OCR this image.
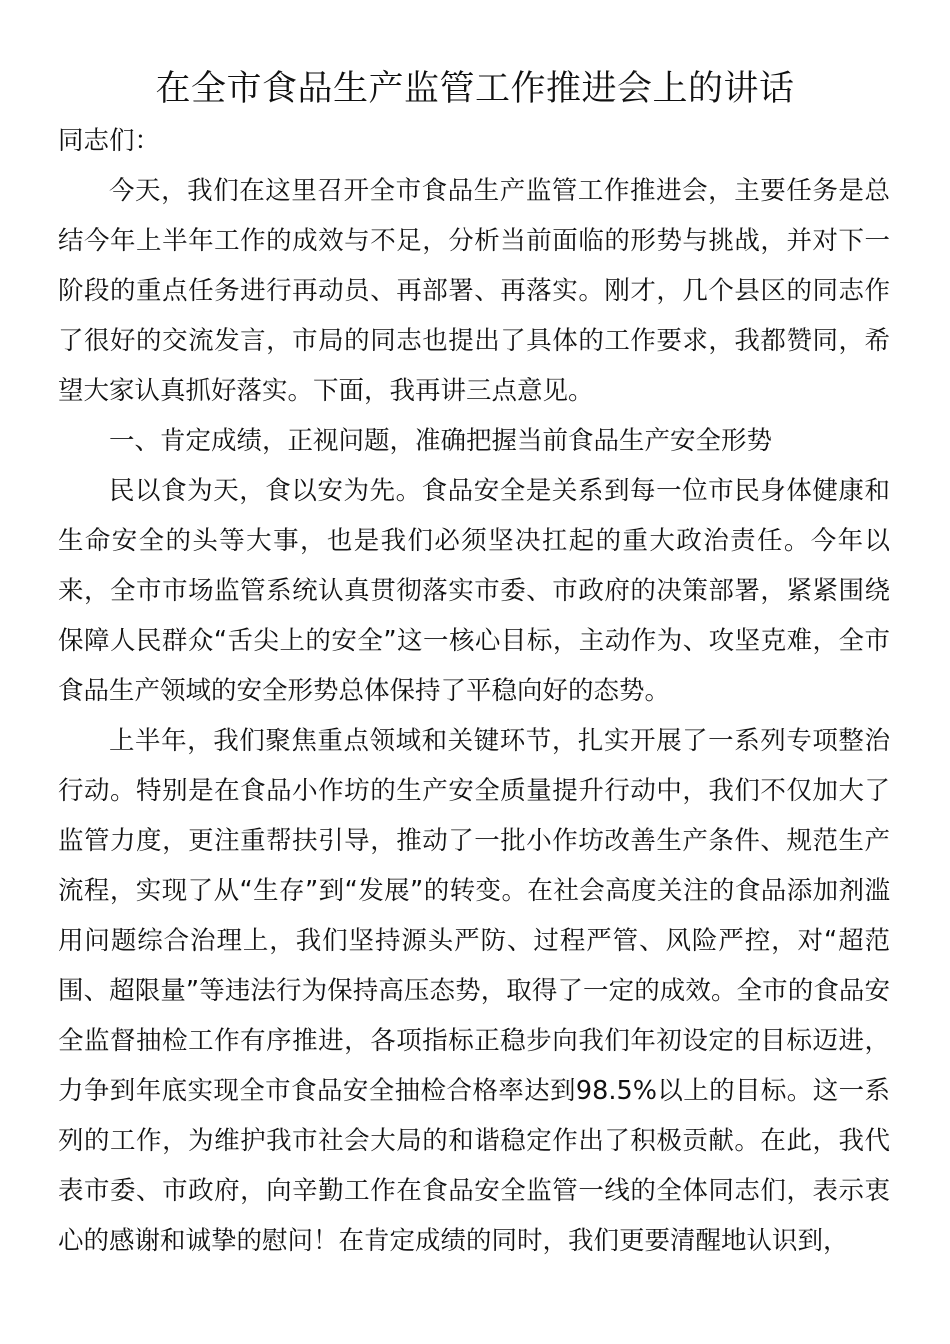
在全市食品生产监管工作推进会上的讲话

同志们：

今天，我们在这里召开全市食品生产监管工作推进会，主要任务是总结今年上半年工作的成效与不足，分析当前面临的形势与挑战，并对下一阶段的重点任务进行再动员、再部署、再落实。刚才，几个县区的同志作了很好的交流发言，市局的同志也提出了具体的工作要求，我都赞同，希望大家认真抓好落实。下面，我再讲三点意见。

一、肯定成绩，正视问题，准确把握当前食品生产安全形势

民以食为天，食以安为先。食品安全是关系到每一位市民身体健康和生命安全的头等大事，也是我们必须坚决扛起的重大政治责任。今年以来，全市市场监管系统认真贯彻落实市委、市政府的决策部署，紧紧围绕保障人民群众“舌尖上的安全”这一核心目标，主动作为、攻坚克难，全市食品生产领域的安全形势总体保持了平稳向好的态势。

上半年，我们聚焦重点领域和关键环节，扎实开展了一系列专项整治行动。特别是在食品小作坊的生产安全质量提升行动中，我们不仅加大了监管力度，更注重帮扶引导，推动了一批小作坊改善生产条件、规范生产流程，实现了从“生存”到“发展”的转变。在社会高度关注的食品添加剂滥用问题综合治理上，我们坚持源头严防、过程严管、风险严控，对“超范围、超限量”等违法行为保持高压态势，取得了一定的成效。全市的食品安全监督抽检工作有序推进，各项指标正稳步向我们年初设定的目标迈进，力争到年底实现全市食品安全抽检合格率达到98.5%以上的目标。这一系列的工作，为维护我市社会大局的和谐稳定作出了积极贡献。在此，我代表市委、市政府，向辛勤工作在食品安全监管一线的全体同志们，表示衷心的感谢和诚挚的慰问！在肯定成绩的同时，我们更要清醒地认识到，
